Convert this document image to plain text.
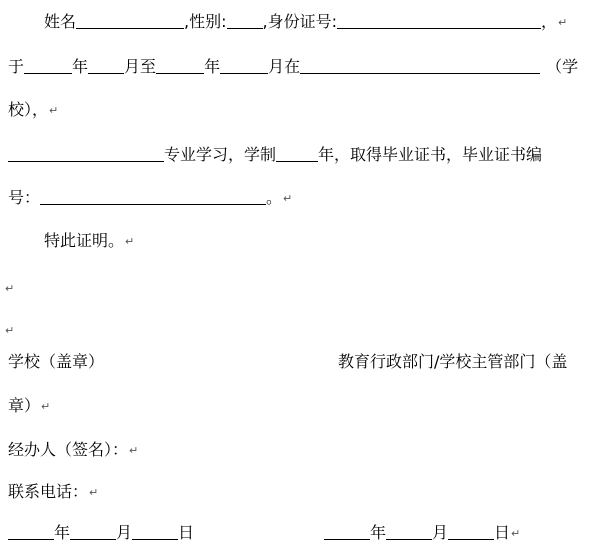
姓名	,性别: ,身份证号:	，↵
于	年 月至	年	月在	（学
校），↵
专业学习，学制	年，取得毕业证书，毕业证书编
号：	。↵
特此证明。↵
↵
↵
学校（盖章）	教育行政部门/学校主管部门（盖
章）↵
经办人（签名）：↵
联系电话：↵
年	月	日	年	月	日↵
